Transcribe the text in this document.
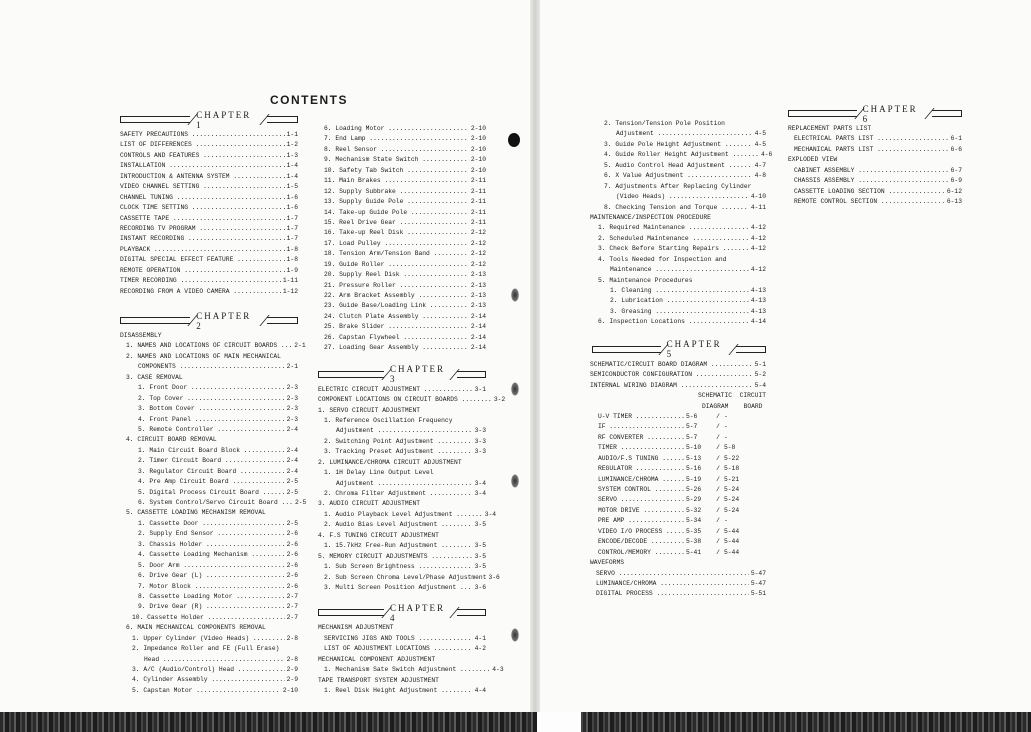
CONTENTS
CHAPTER 1
SAFETY PRECAUTIONS .....	1-1
LIST OF DIFFERENCES .....	1-2
CONTROLS AND FEATURES .....	1-3
INSTALLATION .....	1-4
INTRODUCTION & ANTENNA SYSTEM .....	1-4
VIDEO CHANNEL SETTING .....	1-5
CHANNEL TUNING .....	1-6
CLOCK TIME SETTING .....	1-6
CASSETTE TAPE .....	1-7
RECORDING TV PROGRAM .....	1-7
INSTANT RECORDING .....	1-7
PLAYBACK .....	1-8
DIGITAL SPECIAL EFFECT FEATURE .....	1-8
REMOTE OPERATION .....	1-9
TIMER RECORDING .....	1-11
RECORDING FROM A VIDEO CAMERA .....	1-12
CHAPTER 2
DISASSEMBLY
1. NAMES AND LOCATIONS OF CIRCUIT BOARDS ... 2-1
2. NAMES AND LOCATIONS OF MAIN MECHANICAL
COMPONENTS .....	2-1
3. CASE REMOVAL
1. Front Door .....	2-3
2. Top Cover .....	2-3
3. Bottom Cover .....	2-3
4. Front Panel .....	2-3
5. Remote Controller .....	2-4
4. CIRCUIT BOARD REMOVAL
1. Main Circuit Board Block .....	2-4
2. Timer Circuit Board .....	2-4
3. Regulator Circuit Board .....	2-4
4. Pre Amp Circuit Board .....	2-5
5. Digital Process Circuit Board .....	2-5
6. System Control/Servo Circuit Board ... 2-5
5. CASSETTE LOADING MECHANISM REMOVAL
1. Cassette Door .....	2-5
2. Supply End Sensor .....	2-6
3. Chassis Holder .....	2-6
4. Cassette Loading Mechanism .....	2-6
5. Door Arm .....	2-6
6. Drive Gear (L) .....	2-6
7. Motor Block .....	2-6
8. Cassette Loading Motor .....	2-7
9. Drive Gear (R) .....	2-7
10. Cassette Holder .....	2-7
6. MAIN MECHANICAL COMPONENTS REMOVAL
1. Upper Cylinder (Video Heads) .....	2-8
2. Impedance Roller and FE (Full Erase)
Head .....	2-8
3. A/C (Audio/Control) Head .....	2-9
4. Cylinder Assembly .....	2-9
5. Capstan Motor .....	2-10
6. Loading Motor .....	2-10
7. End Lamp .....	2-10
8. Reel Sensor .....	2-10
9. Mechanism State Switch .....	2-10
10. Safety Tab Switch .....	2-10
11. Main Brakes .....	2-11
12. Supply Subbrake .....	2-11
13. Supply Guide Pole .....	2-11
14. Take-up Guide Pole .....	2-11
15. Reel Drive Gear .....	2-11
16. Take-up Reel Disk .....	2-12
17. Load Pulley .....	2-12
18. Tension Arm/Tension Band .....	2-12
19. Guide Roller .....	2-12
20. Supply Reel Disk .....	2-13
21. Pressure Roller .....	2-13
22. Arm Bracket Assembly .....	2-13
23. Guide Base/Loading Link .....	2-13
24. Clutch Plate Assembly .....	2-14
25. Brake Slider .....	2-14
26. Capstan Flywheel .....	2-14
27. Loading Gear Assembly .....	2-14
CHAPTER 3
ELECTRIC CIRCUIT ADJUSTMENT .....	3-1
COMPONENT LOCATIONS ON CIRCUIT BOARDS ........ 3-2
1. SERVO CIRCUIT ADJUSTMENT
1. Reference Oscillation Frequency
Adjustment .....	3-3
2. Switching Point Adjustment .....	3-3
3. Tracking Preset Adjustment .....	3-3
2. LUMINANCE/CHROMA CIRCUIT ADJUSTMENT
1. 1H Delay Line Output Level
Adjustment .....	3-4
2. Chroma Filter Adjustment .....	3-4
3. AUDIO CIRCUIT ADJUSTMENT
1. Audio Playback Level Adjustment ....... 3-4
2. Audio Bias Level Adjustment .....	3-5
4. F.S TUNING CIRCUIT ADJUSTMENT
1. 15.7kHz Free-Run Adjustment .....	3-5
5. MEMORY CIRCUIT ADJUSTMENTS .....	3-5
1. Sub Screen Brightness .....	3-5
2. Sub Screen Chroma Level/Phase Adjustment 3-6
3. Multi Screen Position Adjustment .....	3-6
CHAPTER 4
MECHANISM ADJUSTMENT
SERVICING JIGS AND TOOLS .....	4-1
LIST OF ADJUSTMENT LOCATIONS .....	4-2
MECHANICAL COMPONENT ADJUSTMENT
1. Mechanism Sate Switch Adjustment ........ 4-3
TAPE TRANSPORT SYSTEM ADJUSTMENT
1. Reel Disk Height Adjustment .....	4-4
2. Tension/Tension Pole Position
Adjustment .....	4-5
3. Guide Pole Height Adjustment .....	4-5
4. Guide Roller Height Adjustment ....... 4-6
5. Audio Control Head Adjustment .....	4-7
6. X Value Adjustment .....	4-8
7. Adjustments After Replacing Cylinder
(Video Heads) .....	4-10
8. Checking Tension and Torque .....	4-11
MAINTENANCE/INSPECTION PROCEDURE
1. Required Maintenance .....	4-12
2. Scheduled Maintenance .....	4-12
3. Check Before Starting Repairs .....	4-12
4. Tools Needed for Inspection and
Maintenance .....	4-12
5. Maintenance Procedures
1. Cleaning .....	4-13
2. Lubrication .....	4-13
3. Greasing .....	4-13
6. Inspection Locations .....	4-14
CHAPTER 5
SCHEMATIC/CIRCUIT BOARD DIAGRAM .....	5-1
SEMICONDUCTOR CONFIGURATION .....	5-2
INTERNAL WIRING DIAGRAM .....	5-4
SCHEMATIC  CIRCUIT
DIAGRAM    BOARD
U-V TIMER .....	5-6	/ -
IF .....	5-7	/ -
RF CONVERTER .....	5-7	/ -
TIMER .....	5-10	/ 5-8
AUDIO/F.S TUNING .....	5-13	/ 5-22
REGULATOR .....	5-16	/ 5-18
LUMINANCE/CHROMA .....	5-19	/ 5-21
SYSTEM CONTROL .....	5-26	/ 5-24
SERVO .....	5-29	/ 5-24
MOTOR DRIVE .....	5-32	/ 5-24
PRE AMP .....	5-34	/ -
VIDEO I/O PROCESS .....	5-35	/ 5-44
ENCODE/DECODE .....	5-38	/ 5-44
CONTROL/MEMORY .....	5-41	/ 5-44
WAVEFORMS
SERVO .....	5-47
LUMINANCE/CHROMA .....	5-47
DIGITAL PROCESS .....	5-51
CHAPTER 6
REPLACEMENT PARTS LIST
ELECTRICAL PARTS LIST .....	6-1
MECHANICAL PARTS LIST .....	6-6
EXPLODED VIEW
CABINET ASSEMBLY .....	6-7
CHASSIS ASSEMBLY .....	6-9
CASSETTE LOADING SECTION .....	6-12
REMOTE CONTROL SECTION .....	6-13
